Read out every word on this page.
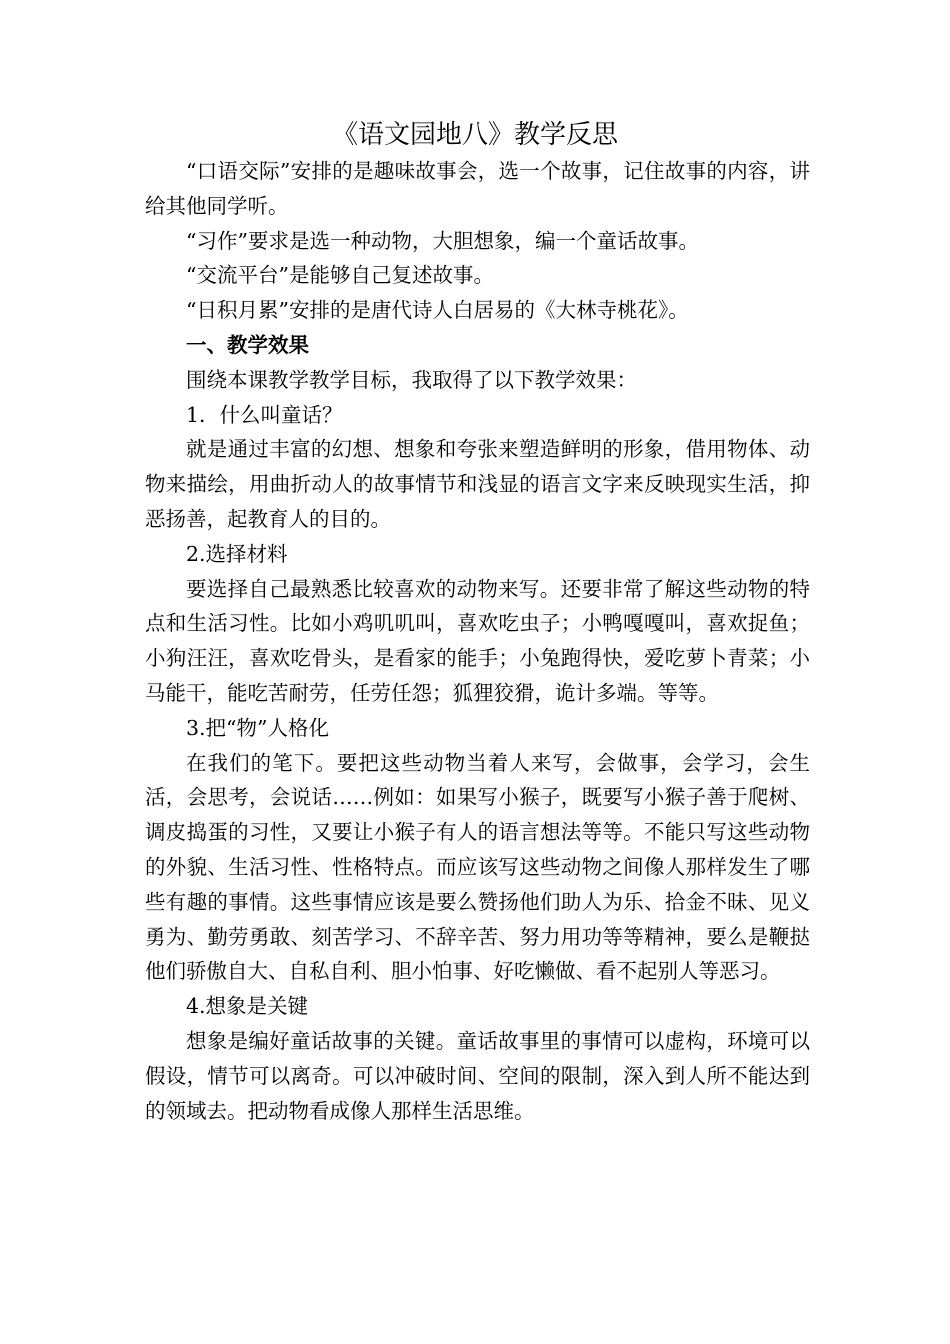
《语文园地八》教学反思

“口语交际”安排的是趣味故事会，选一个故事，记住故事的内容，讲给其他同学听。

“习作”要求是选一种动物，大胆想象，编一个童话故事。

“交流平台”是能够自己复述故事。

“日积月累”安排的是唐代诗人白居易的《大林寺桃花》。

一、教学效果

围绕本课教学教学目标，我取得了以下教学效果：

1．什么叫童话？

就是通过丰富的幻想、想象和夸张来塑造鲜明的形象，借用物体、动物来描绘，用曲折动人的故事情节和浅显的语言文字来反映现实生活，抑恶扬善，起教育人的目的。

2.选择材料

要选择自己最熟悉比较喜欢的动物来写。还要非常了解这些动物的特点和生活习性。比如小鸡叽叽叫，喜欢吃虫子；小鸭嘎嘎叫，喜欢捉鱼；小狗汪汪，喜欢吃骨头，是看家的能手；小兔跑得快，爱吃萝卜青菜；小马能干，能吃苦耐劳，任劳任怨；狐狸狡猾，诡计多端。等等。

3.把“物”人格化

在我们的笔下。要把这些动物当着人来写，会做事，会学习，会生活，会思考，会说话……例如：如果写小猴子，既要写小猴子善于爬树、调皮捣蛋的习性，又要让小猴子有人的语言想法等等。不能只写这些动物的外貌、生活习性、性格特点。而应该写这些动物之间像人那样发生了哪些有趣的事情。这些事情应该是要么赞扬他们助人为乐、拾金不昧、见义勇为、勤劳勇敢、刻苦学习、不辞辛苦、努力用功等等精神，要么是鞭挞他们骄傲自大、自私自利、胆小怕事、好吃懒做、看不起别人等恶习。

4.想象是关键

想象是编好童话故事的关键。童话故事里的事情可以虚构，环境可以假设，情节可以离奇。可以冲破时间、空间的限制，深入到人所不能达到的领域去。把动物看成像人那样生活思维。
